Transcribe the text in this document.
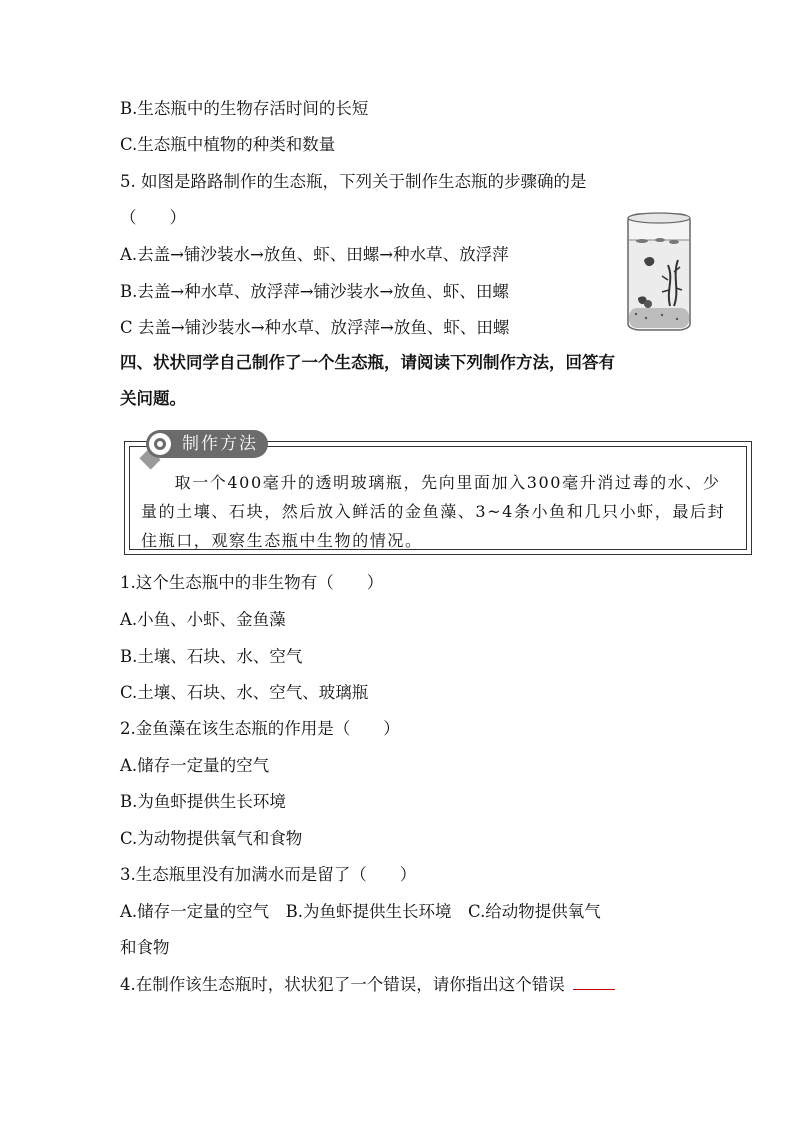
B.生态瓶中的生物存活时间的长短
C.生态瓶中植物的种类和数量
5. 如图是路路制作的生态瓶，下列关于制作生态瓶的步骤确的是
（　　）
A.去盖→铺沙装水→放鱼、虾、田螺→种水草、放浮萍
B.去盖→种水草、放浮萍→铺沙装水→放鱼、虾、田螺
C 去盖→铺沙装水→种水草、放浮萍→放鱼、虾、田螺
四、状状同学自己制作了一个生态瓶，请阅读下列制作方法，回答有
关问题。
取一个400毫升的透明玻璃瓶，先向里面加入300毫升消过毒的水、少量的土壤、石块，然后放入鲜活的金鱼藻、3~4条小鱼和几只小虾，最后封住瓶口，观察生态瓶中生物的情况。
制作方法
1.这个生态瓶中的非生物有（　　）
A.小鱼、小虾、金鱼藻
B.土壤、石块、水、空气
C.土壤、石块、水、空气、玻璃瓶
2.金鱼藻在该生态瓶的作用是（　　）
A.储存一定量的空气
B.为鱼虾提供生长环境
C.为动物提供氧气和食物
3.生态瓶里没有加满水而是留了（　　）
A.储存一定量的空气　B.为鱼虾提供生长环境　C.给动物提供氧气
和食物
4.在制作该生态瓶时，状状犯了一个错误，请你指出这个错误
